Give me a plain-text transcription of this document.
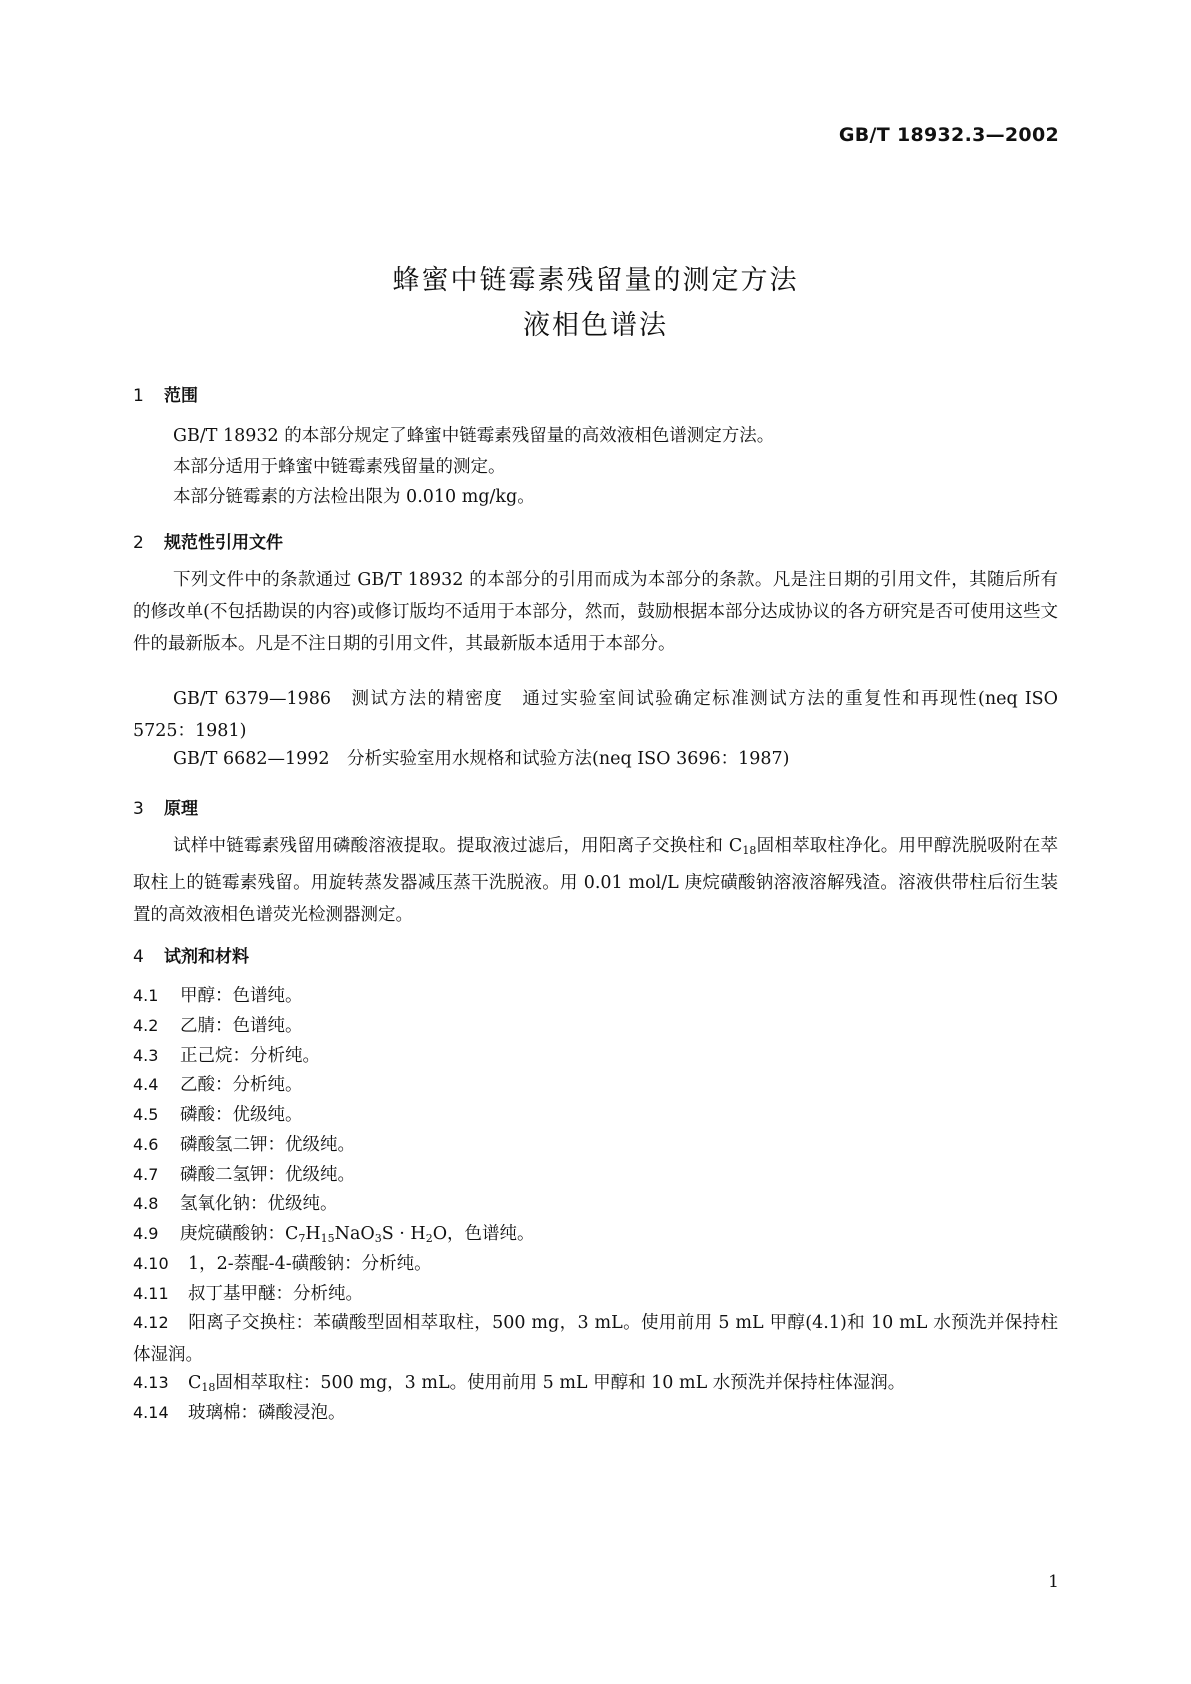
GB/T 18932.3—2002
蜂蜜中链霉素残留量的测定方法
液相色谱法
1 范围
GB/T 18932 的本部分规定了蜂蜜中链霉素残留量的高效液相色谱测定方法。
本部分适用于蜂蜜中链霉素残留量的测定。
本部分链霉素的方法检出限为 0.010 mg/kg。
2 规范性引用文件
下列文件中的条款通过 GB/T 18932 的本部分的引用而成为本部分的条款。凡是注日期的引用文件，其随后所有的修改单(不包括勘误的内容)或修订版均不适用于本部分，然而，鼓励根据本部分达成协议的各方研究是否可使用这些文件的最新版本。凡是不注日期的引用文件，其最新版本适用于本部分。
GB/T 6379—1986　测试方法的精密度　通过实验室间试验确定标准测试方法的重复性和再现性(neq ISO 5725：1981)
GB/T 6682—1992　分析实验室用水规格和试验方法(neq ISO 3696：1987)
3 原理
试样中链霉素残留用磷酸溶液提取。提取液过滤后，用阳离子交换柱和 $C_{18}$固相萃取柱净化。用甲醇洗脱吸附在萃取柱上的链霉素残留。用旋转蒸发器减压蒸干洗脱液。用 0.01 mol/L 庚烷磺酸钠溶液溶解残渣。溶液供带柱后衍生装置的高效液相色谱荧光检测器测定。
4 试剂和材料
4.1 甲醇：色谱纯。
4.2 乙腈：色谱纯。
4.3 正己烷：分析纯。
4.4 乙酸：分析纯。
4.5 磷酸：优级纯。
4.6 磷酸氢二钾：优级纯。
4.7 磷酸二氢钾：优级纯。
4.8 氢氧化钠：优级纯。
4.9 庚烷磺酸钠：$C_7H_{15}NaO_3S \cdot H_2O$，色谱纯。
4.10 1，2-萘醌-4-磺酸钠：分析纯。
4.11 叔丁基甲醚：分析纯。
4.12 阳离子交换柱：苯磺酸型固相萃取柱，500 mg，3 mL。使用前用 5 mL 甲醇(4.1)和 10 mL 水预洗并保持柱体湿润。
4.13 $C_{18}$固相萃取柱：500 mg，3 mL。使用前用 5 mL 甲醇和 10 mL 水预洗并保持柱体湿润。
4.14 玻璃棉：磷酸浸泡。
1
